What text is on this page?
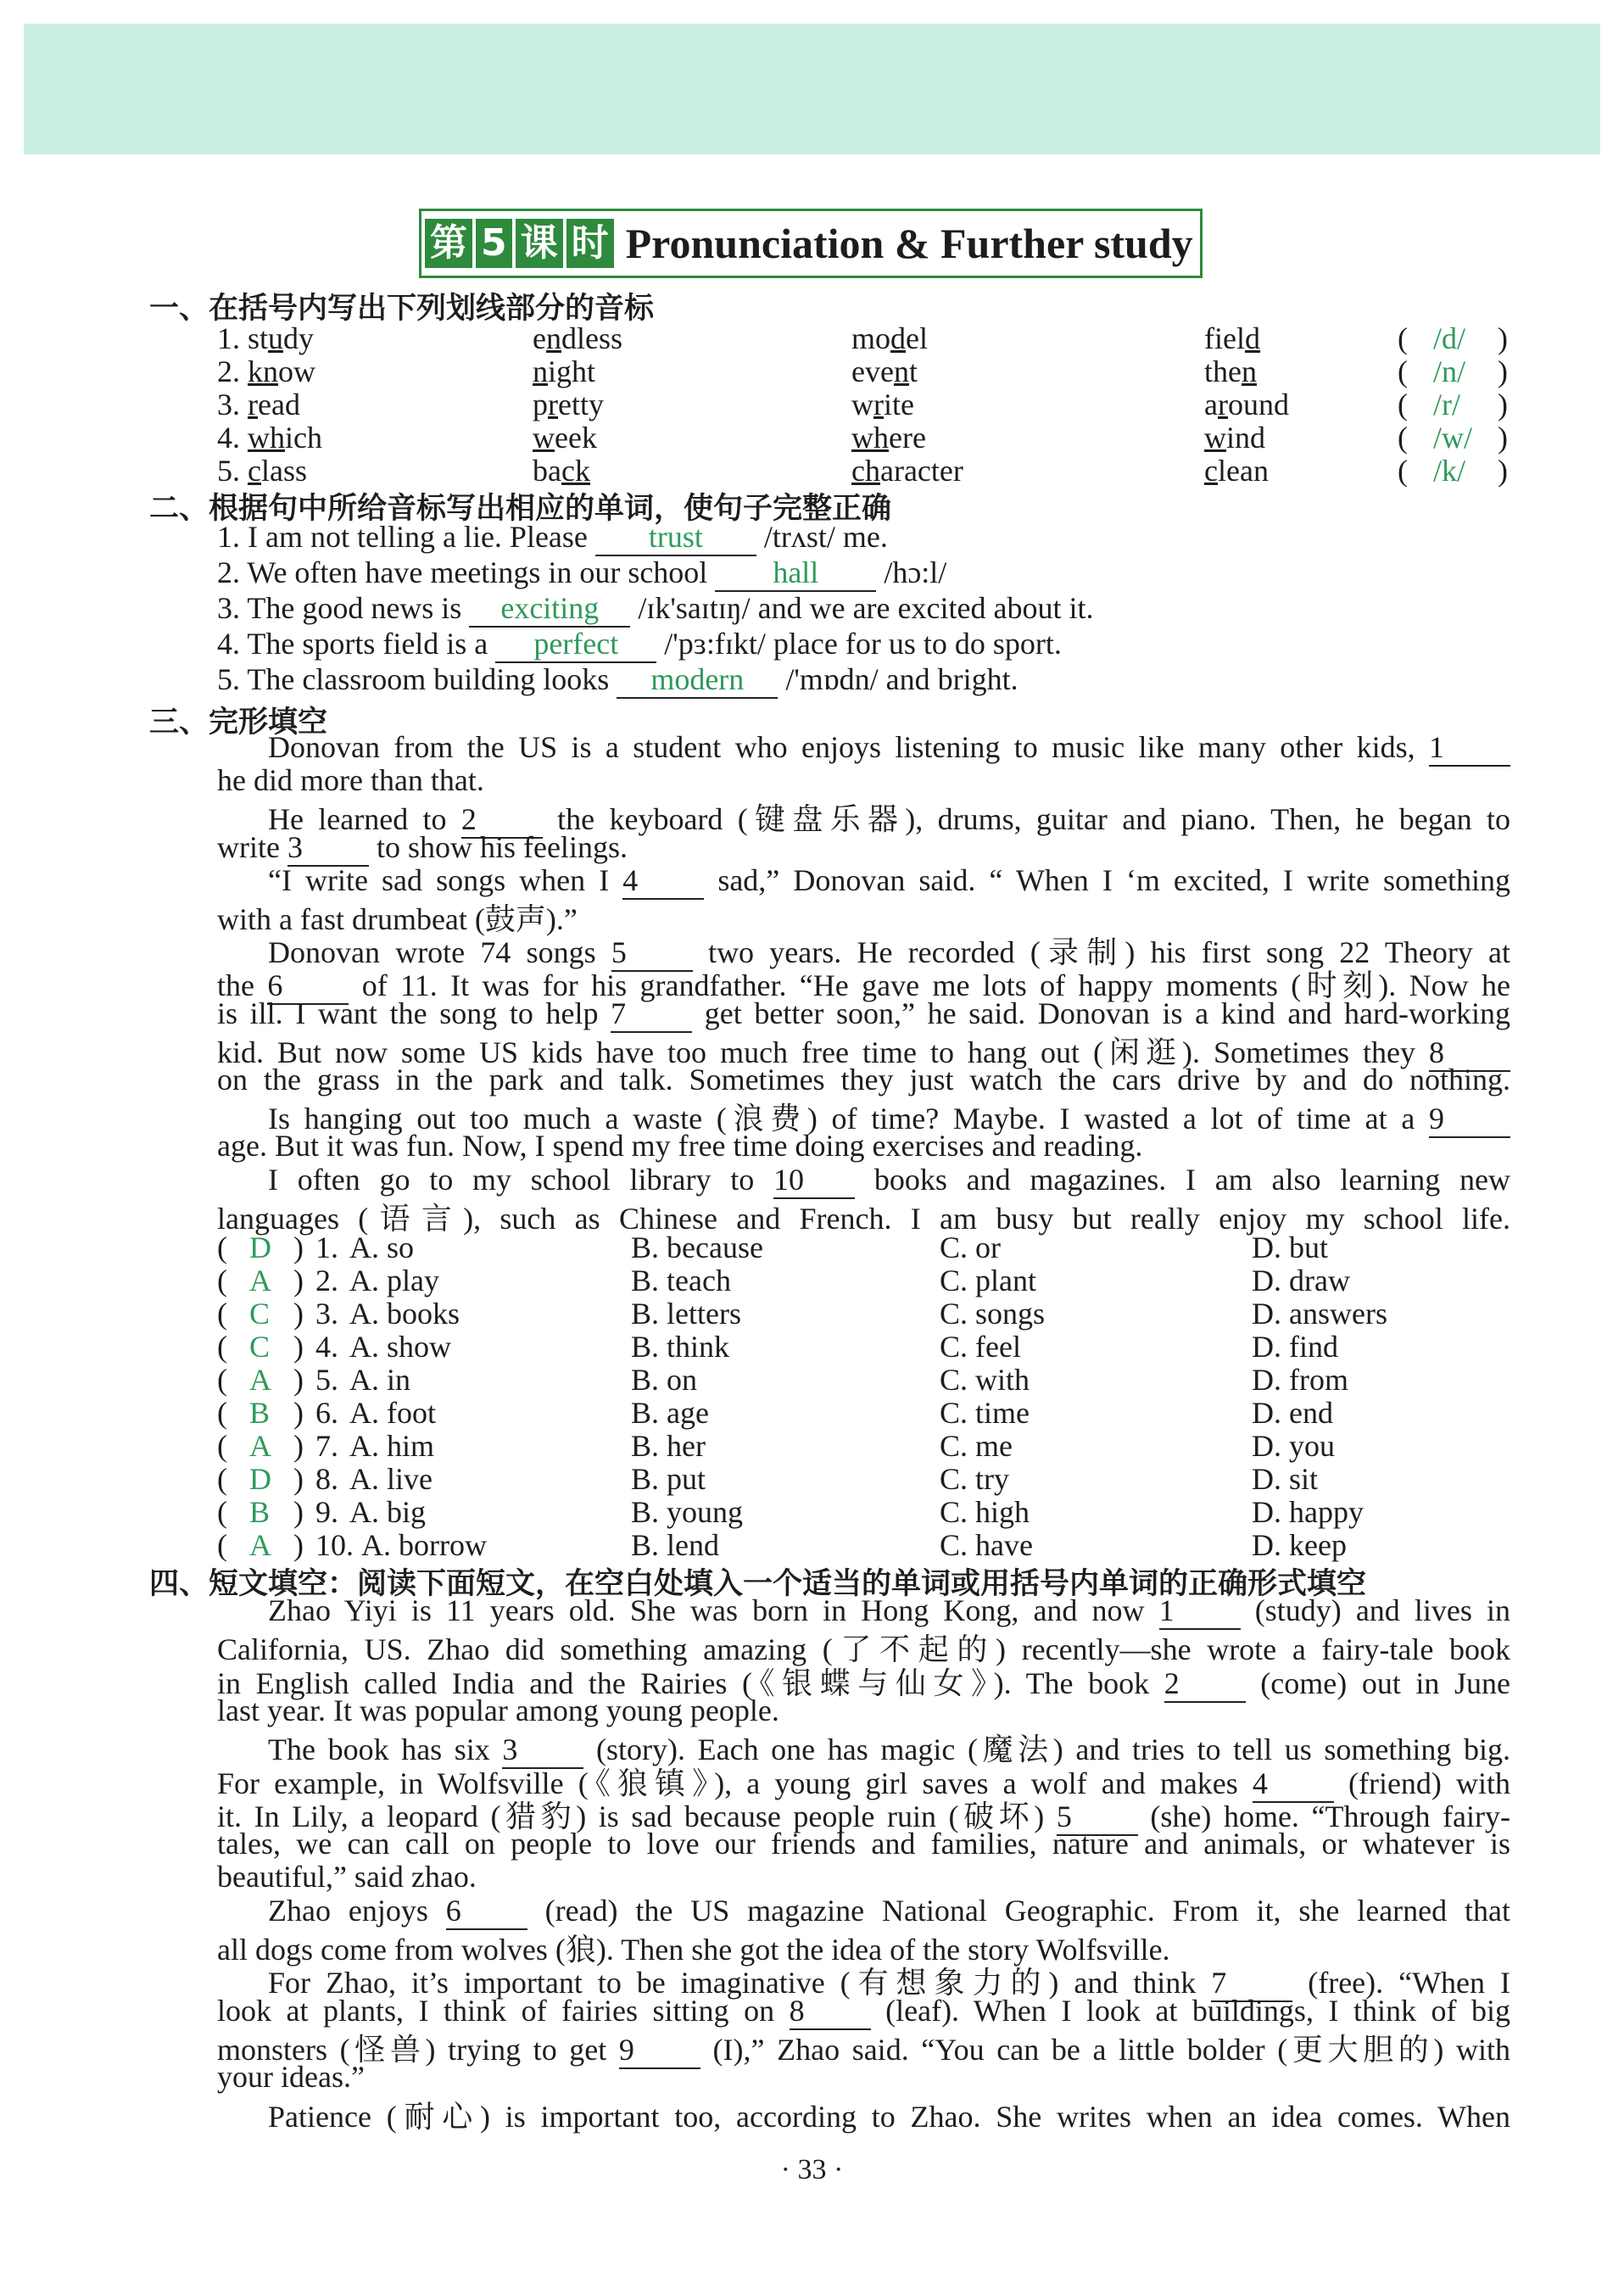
第 5 课 时 Pronunciation & Further study
一、在括号内写出下列划线部分的音标
1. study	endless	model	field	( /d/ )
2. know	night	event	then	( /n/ )
3. read	pretty	write	around	( /r/ )
4. which	week	where	wind	( /w/ )
5. class	back	character	clean	( /k/ )
二、根据句中所给音标写出相应的单词，使句子完整正确
1. I am not telling a lie. Please trust /trʌst/ me.
2. We often have meetings in our school hall /hɔ:l/
3. The good news is exciting /ɪk'saɪtɪŋ/ and we are excited about it.
4. The sports field is a perfect /'pɜ:fɪkt/ place for us to do sport.
5. The classroom building looks modern /'mɒdn/ and bright.
三、完形填空
Donovan from the US is a student who enjoys listening to music like many other kids, 1
he did more than that.
He learned to 2 the keyboard (键盘乐器), drums, guitar and piano. Then, he began to
write 3 to show his feelings.
“I write sad songs when I 4 sad,” Donovan said. “ When I ‘m excited, I write something
with a fast drumbeat (鼓声).”
Donovan wrote 74 songs 5 two years. He recorded (录制) his first song 22 Theory at
the 6 of 11. It was for his grandfather. “He gave me lots of happy moments (时刻). Now he
is ill. I want the song to help 7 get better soon,” he said. Donovan is a kind and hard-working
kid. But now some US kids have too much free time to hang out (闲逛). Sometimes they 8
on the grass in the park and talk. Sometimes they just watch the cars drive by and do nothing.
Is hanging out too much a waste (浪费) of time? Maybe. I wasted a lot of time at a 9
age. But it was fun. Now, I spend my free time doing exercises and reading.
I often go to my school library to 10 books and magazines. I am also learning new
languages (语言), such as Chinese and French. I am busy but really enjoy my school life.
( D ) 1. A. so	B. because	C. or	D. but
( A ) 2. A. play	B. teach	C. plant	D. draw
( C ) 3. A. books	B. letters	C. songs	D. answers
( C ) 4. A. show	B. think	C. feel	D. find
( A ) 5. A. in	B. on	C. with	D. from
( B ) 6. A. foot	B. age	C. time	D. end
( A ) 7. A. him	B. her	C. me	D. you
( D ) 8. A. live	B. put	C. try	D. sit
( B ) 9. A. big	B. young	C. high	D. happy
( A ) 10. A. borrow	B. lend	C. have	D. keep
四、短文填空：阅读下面短文，在空白处填入一个适当的单词或用括号内单词的正确形式填空
Zhao Yiyi is 11 years old. She was born in Hong Kong, and now 1 (study) and lives in
California, US. Zhao did something amazing (了不起的) recently—she wrote a fairy-tale book
in English called India and the Rairies (《银蝶与仙女》). The book 2 (come) out in June
last year. It was popular among young people.
The book has six 3 (story). Each one has magic (魔法) and tries to tell us something big.
For example, in Wolfsville (《狼镇》), a young girl saves a wolf and makes 4 (friend) with
it. In Lily, a leopard (猎豹) is sad because people ruin (破坏) 5 (she) home. “Through fairy-
tales, we can call on people to love our friends and families, nature and animals, or whatever is
beautiful,” said zhao.
Zhao enjoys 6 (read) the US magazine National Geographic. From it, she learned that
all dogs come from wolves (狼). Then she got the idea of the story Wolfsville.
For Zhao, it’s important to be imaginative (有想象力的) and think 7 (free). “When I
look at plants, I think of fairies sitting on 8 (leaf). When I look at buildings, I think of big
monsters (怪兽) trying to get 9 (I),” Zhao said. “You can be a little bolder (更大胆的) with
your ideas.”
Patience (耐心) is important too, according to Zhao. She writes when an idea comes. When
· 33 ·
